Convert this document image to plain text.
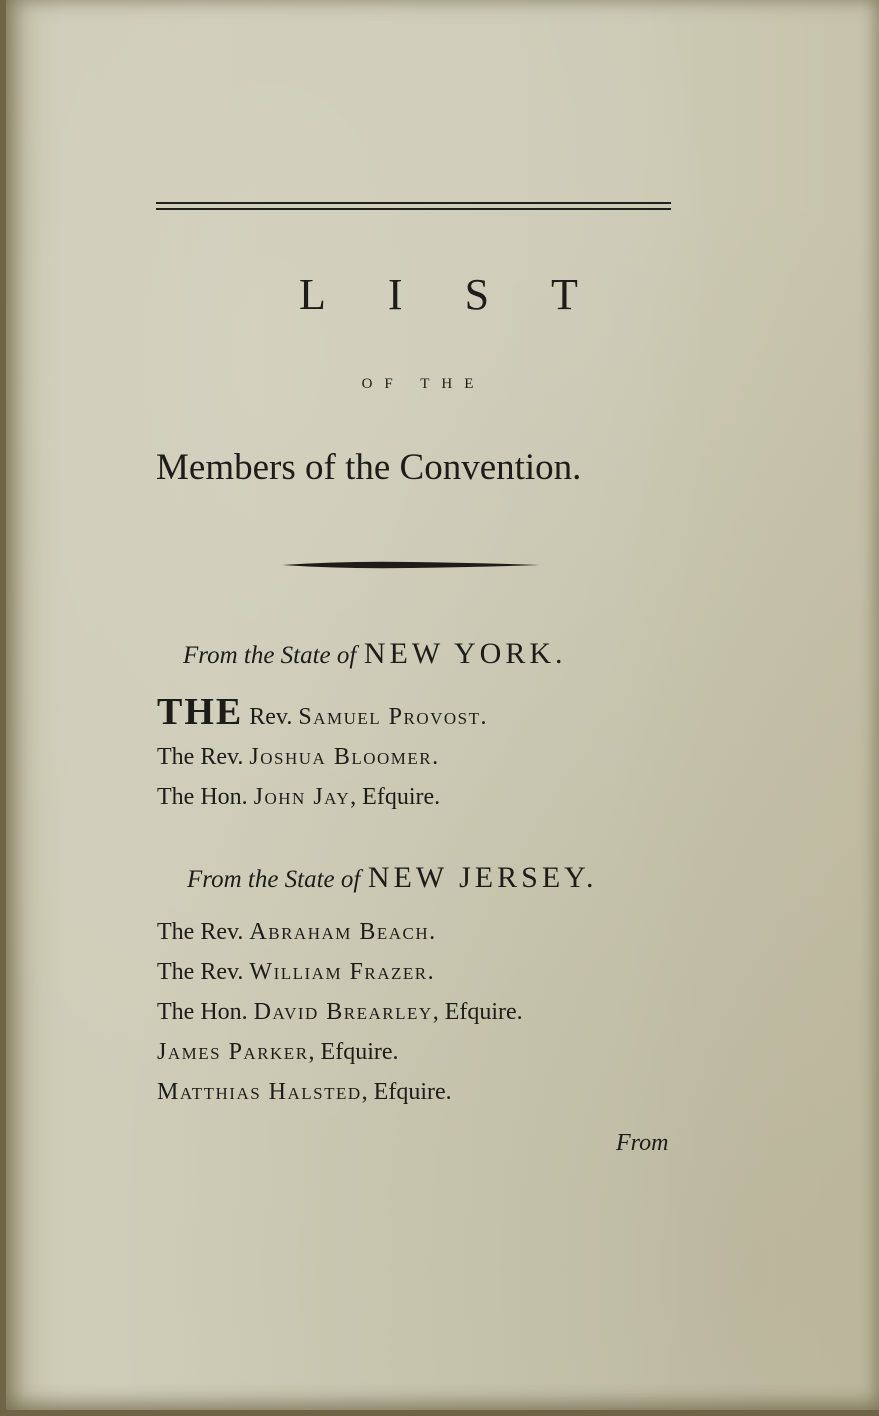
LIST
OF THE
Members of the Convention.
From the State of NEW YORK.
THE Rev. Samuel Provost.
The Rev. Joshua Bloomer.
The Hon. John Jay, Efquire.
From the State of NEW JERSEY.
The Rev. Abraham Beach.
The Rev. William Frazer.
The Hon. David Brearley, Efquire.
James Parker, Efquire.
Matthias Halsted, Efquire.
From
